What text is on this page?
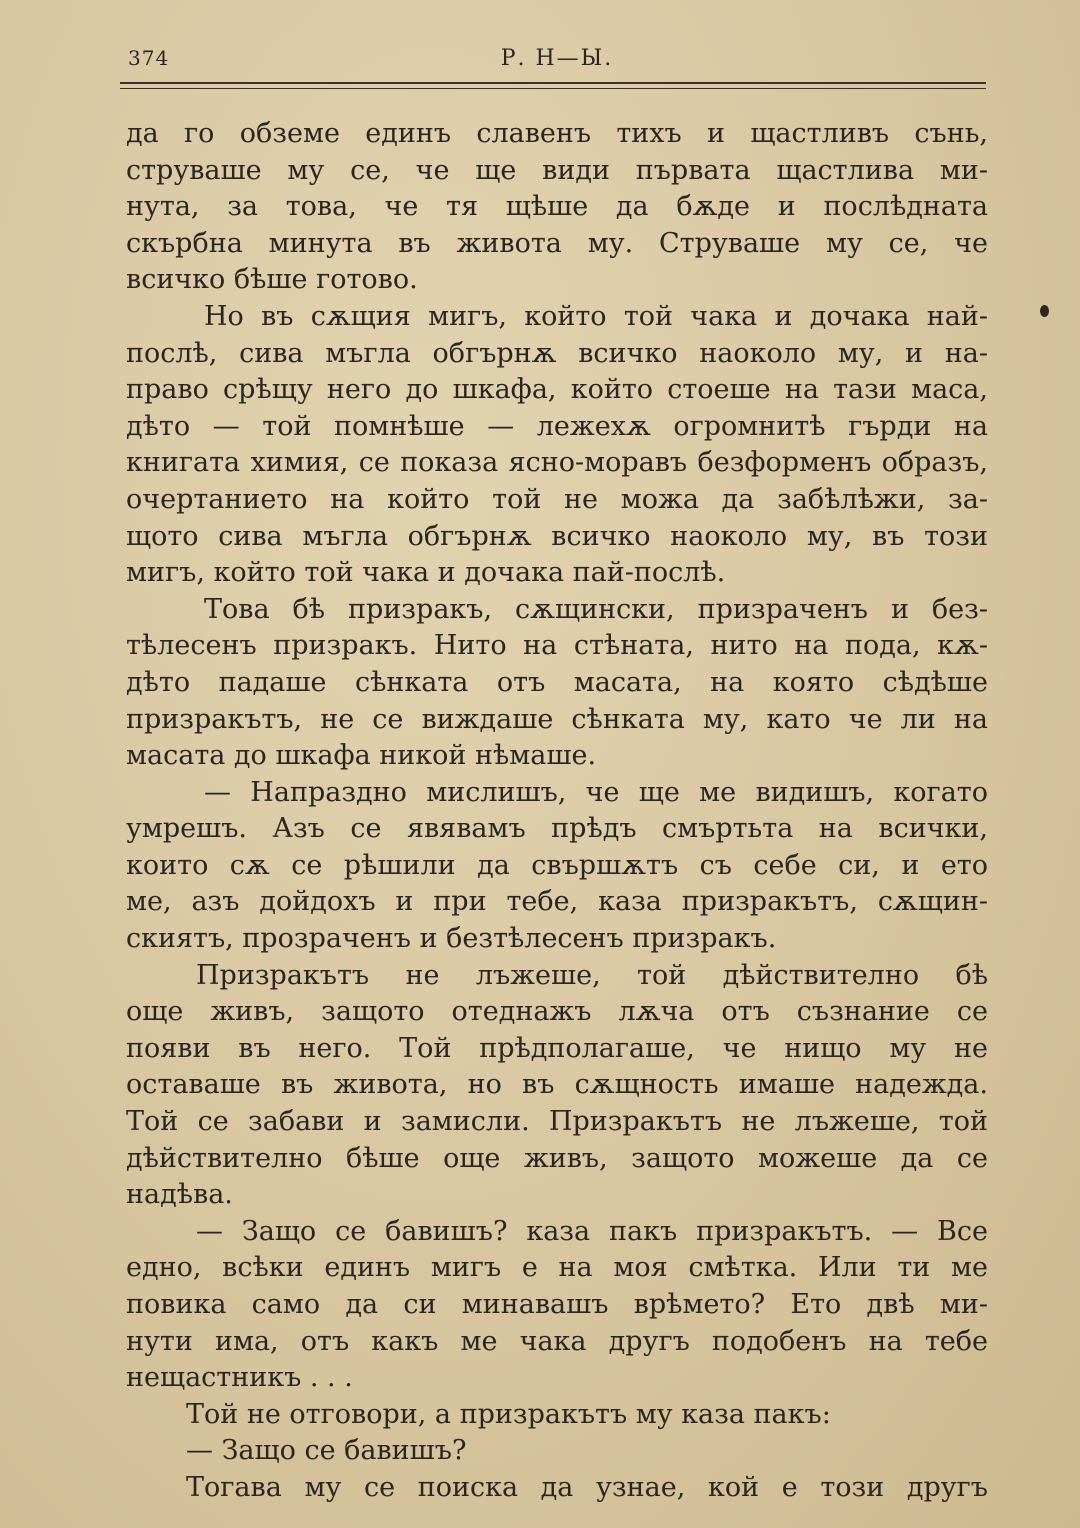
374	Р. Н—Ы.
да го обземе единъ славенъ тихъ и щастливъ сънь,
струваше му се, че ще види първата щастлива ми-
нута, за това, че тя щѣше да бѫде и послѣдната
скърбна минута въ живота му. Струваше му се, че
всичко бѣше готово.
Но въ сѫщия мигъ, който той чака и дочака най-
послѣ, сива мъгла обгърнѫ всичко наоколо му, и на-
право срѣщу него до шкафа, който стоеше на тази маса,
дѣто — той помнѣше — лежехѫ огромнитѣ гърди на
книгата химия, се показа ясно-моравъ безформенъ образъ,
очертанието на който той не можа да забѣлѣжи, за-
щото сива мъгла обгърнѫ всичко наоколо му, въ този
мигъ, който той чака и дочака пай-послѣ.
Това бѣ призракъ, сѫщински, призраченъ и без-
тѣлесенъ призракъ. Нито на стѣната, нито на пода, кѫ-
дѣто падаше сѣнката отъ масата, на която сѣдѣше
призракътъ, не се виждаше сѣнката му, като че ли на
масата до шкафа никой нѣмаше.
— Напраздно мислишъ, че ще ме видишъ, когато
умрешъ. Азъ се явявамъ прѣдъ смъртьта на всички,
които сѫ се рѣшили да свършѫтъ съ себе си, и ето
ме, азъ дойдохъ и при тебе, каза призракътъ, сѫщин-
скиятъ, прозраченъ и безтѣлесенъ призракъ.
Призракътъ не лъжеше, той дѣйствително бѣ
още живъ, защото отеднажъ лѫча отъ съзнание се
появи въ него. Той прѣдполагаше, че нищо му не
оставаше въ живота, но въ сѫщность имаше надежда.
Той се забави и замисли. Призракътъ не лъжеше, той
дѣйствително бѣше още живъ, защото можеше да се
надѣва.
— Защо се бавишъ? каза пакъ призракътъ. — Все
едно, всѣки единъ мигъ е на моя смѣтка. Или ти ме
повика само да си минавашъ врѣмето? Ето двѣ ми-
нути има, отъ какъ ме чака другъ подобенъ на тебе
нещастникъ . . .
Той не отговори, а призракътъ му каза пакъ:
— Защо се бавишъ?
Тогава му се поиска да узнае, кой е този другъ
